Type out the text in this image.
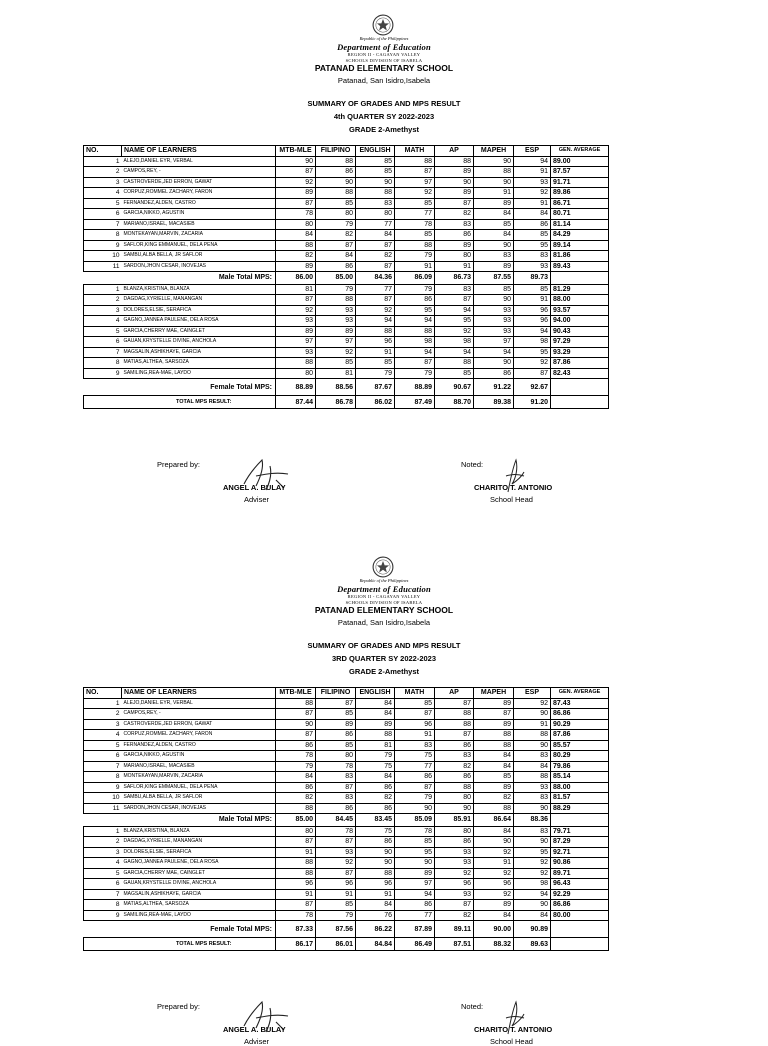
Republic of the Philippines
Department of Education
REGION II - CAGAYAN VALLEY
SCHOOLS DIVISION OF ISABELA
PATANAD ELEMENTARY SCHOOL
Patanad, San Isidro,Isabela
SUMMARY OF GRADES AND MPS RESULT
4th QUARTER SY 2022-2023
GRADE 2-Amethyst
NO.	NAME OF LEARNERS	MTB-MLE	FILIPINO	ENGLISH	MATH	AP	MAPEH	ESP	GEN. AVERAGE
1	ALEJO,DANIEL EYR, VERBAL	90	88	85	88	88	90	94	89.00
2	CAMPOS,REY, -	87	86	85	87	89	88	91	87.57
3	CASTROVERDE,JED ERRON, GAWAT	92	90	90	97	90	90	93	91.71
4	CORPUZ,ROMMEL ZACHARY, FARON	89	88	88	92	89	91	92	89.86
5	FERNANDEZ,ALDEN, CASTRO	87	85	83	85	87	89	91	86.71
6	GARCIA,NIKKO, AGUSTIN	78	80	80	77	82	84	84	80.71
7	MARIANO,ISRAEL, MACASIEB	80	79	77	78	83	85	86	81.14
8	MONTEKAYAN,MARVIN, ZACARIA	84	82	84	85	86	84	85	84.29
9	SAFLOR,KING EMMANUEL, DELA PENA	88	87	87	88	89	90	95	89.14
10	SAMBU,ALBA BELLA, JR SAFLOR	82	84	82	79	80	83	83	81.86
11	SARDON,JHON CESAR, INOVEJAS	89	86	87	91	91	89	93	89.43
Male Total MPS:		86.00	85.00	84.36	86.09	86.73	87.55	89.73	
1	BLANZA,KRISTINA, BLANZA	81	79	77	79	83	85	85	81.29
2	DAGDAG,XYRIELLE, MANANGAN	87	88	87	86	87	90	91	88.00
3	DOLORES,ELSIE, SERAFICA	92	93	92	95	94	93	96	93.57
4	GAGNO,JANNEA PAULENE, DELA ROSA	93	93	94	94	95	93	96	94.00
5	GARCIA,CHERRY MAE, CAINGLET	89	89	88	88	92	93	94	90.43
6	GAUAN,KRYSTELLE DIVINE, ANCHOLA	97	97	96	98	98	97	98	97.29
7	MAGSALIN,ASHIKHAYE, GARCIA	93	92	91	94	94	94	95	93.29
8	MATIAS,ALTHEA, SARSOZA	88	85	85	87	88	90	92	87.86
9	SAMILING,REA-MAE, LAYDO	80	81	79	79	85	86	87	82.43
Female Total MPS:		88.89	88.56	87.67	88.89	90.67	91.22	92.67	
TOTAL MPS RESULT:		87.44	86.78	86.02	87.49	88.70	89.38	91.20	
Prepared by:	Noted:
ANGEL A. BULAY
Adviser
CHARITO T. ANTONIO
School Head
Republic of the Philippines
Department of Education
REGION II - CAGAYAN VALLEY
SCHOOLS DIVISION OF ISABELA
PATANAD ELEMENTARY SCHOOL
Patanad, San Isidro,Isabela
SUMMARY OF GRADES AND MPS RESULT
3RD QUARTER SY 2022-2023
GRADE 2-Amethyst
NO.	NAME OF LEARNERS	MTB-MLE	FILIPINO	ENGLISH	MATH	AP	MAPEH	ESP	GEN. AVERAGE
1	ALEJO,DANIEL EYR, VERBAL	88	87	84	85	87	89	92	87.43
2	CAMPOS,REY, -	87	85	84	87	88	87	90	86.86
3	CASTROVERDE,JED ERRON, GAWAT	90	89	89	96	88	89	91	90.29
4	CORPUZ,ROMMEL ZACHARY, FARON	87	86	88	91	87	88	88	87.86
5	FERNANDEZ,ALDEN, CASTRO	86	85	81	83	86	88	90	85.57
6	GARCIA,NIKKO, AGUSTIN	78	80	79	75	83	84	83	80.29
7	MARIANO,ISRAEL, MACASIEB	79	78	75	77	82	84	84	79.86
8	MONTEKAYAN,MARVIN, ZACARIA	84	83	84	86	86	85	88	85.14
9	SAFLOR,KING EMMANUEL, DELA PENA	86	87	86	87	88	89	93	88.00
10	SAMBU,ALBA BELLA, JR SAFLOR	82	83	82	79	80	82	83	81.57
11	SARDON,JHON CESAR, INOVEJAS	88	86	86	90	90	88	90	88.29
Male Total MPS:		85.00	84.45	83.45	85.09	85.91	86.64	88.36	
1	BLANZA,KRISTINA, BLANZA	80	78	75	78	80	84	83	79.71
2	DAGDAG,XYRIELLE, MANANGAN	87	87	86	85	86	90	90	87.29
3	DOLORES,ELSIE, SERAFICA	91	93	90	95	93	92	95	92.71
4	GAGNO,JANNEA PAULENE, DELA ROSA	88	92	90	90	93	91	92	90.86
5	GARCIA,CHERRY MAE, CAINGLET	88	87	88	89	92	92	92	89.71
6	GAUAN,KRYSTELLE DIVINE, ANCHOLA	96	96	96	97	96	96	98	96.43
7	MAGSALIN,ASHIKHAYE, GARCIA	91	91	91	94	93	92	94	92.29
8	MATIAS,ALTHEA, SARSOZA	87	85	84	86	87	89	90	86.86
9	SAMILING,REA-MAE, LAYDO	78	79	76	77	82	84	84	80.00
Female Total MPS:		87.33	87.56	86.22	87.89	89.11	90.00	90.89	
TOTAL MPS RESULT:		86.17	86.01	84.84	86.49	87.51	88.32	89.63	
Prepared by:	Noted:
ANGEL A. BULAY
Adviser
CHARITO T. ANTONIO
School Head
